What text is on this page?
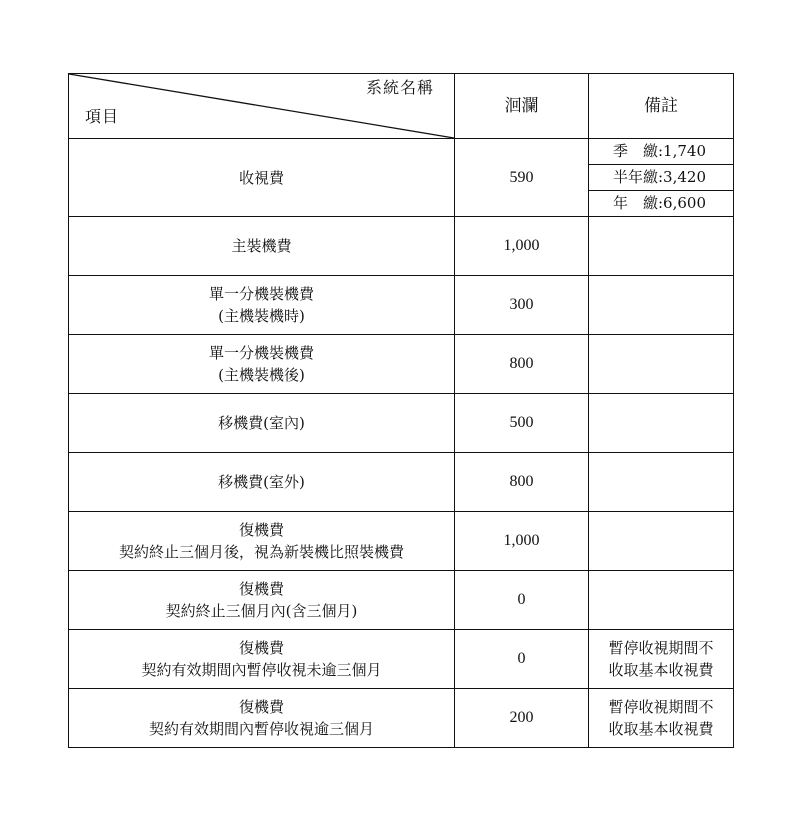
系統名稱
項目	洄瀾	備註

收視費	590	季　繳:1,740
半年繳:3,420
年　繳:6,600

主裝機費	1,000	

單一分機裝機費
(主機裝機時)	300	

單一分機裝機費
(主機裝機後)	800	

移機費(室內)	500	

移機費(室外)	800	

復機費
契約終止三個月後，視為新裝機比照裝機費	1,000	

復機費
契約終止三個月內(含三個月)	0	

復機費
契約有效期間內暫停收視未逾三個月	0	暫停收視期間不
收取基本收視費

復機費
契約有效期間內暫停收視逾三個月	200	暫停收視期間不
收取基本收視費
